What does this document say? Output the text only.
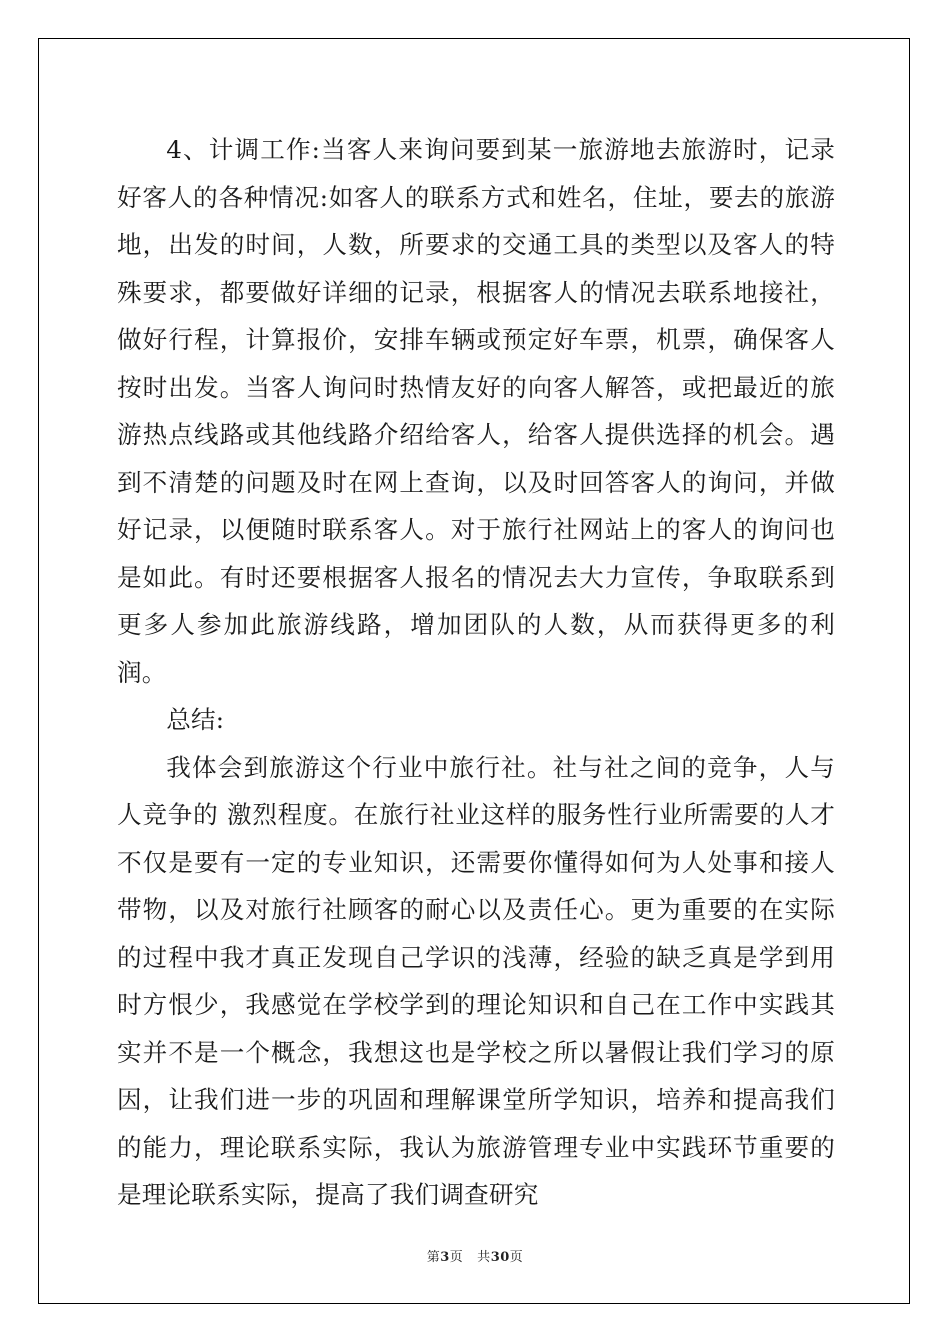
4、计调工作:当客人来询问要到某一旅游地去旅游时，记录好客人的各种情况:如客人的联系方式和姓名，住址，要去的旅游地，出发的时间，人数，所要求的交通工具的类型以及客人的特殊要求，都要做好详细的记录，根据客人的情况去联系地接社，做好行程，计算报价，安排车辆或预定好车票，机票，确保客人按时出发。当客人询问时热情友好的向客人解答，或把最近的旅游热点线路或其他线路介绍给客人，给客人提供选择的机会。遇到不清楚的问题及时在网上查询，以及时回答客人的询问，并做好记录，以便随时联系客人。对于旅行社网站上的客人的询问也是如此。有时还要根据客人报名的情况去大力宣传，争取联系到更多人参加此旅游线路，增加团队的人数，从而获得更多的利润。

总结:

我体会到旅游这个行业中旅行社。社与社之间的竞争，人与人竞争的 激烈程度。在旅行社业这样的服务性行业所需要的人才不仅是要有一定的专业知识，还需要你懂得如何为人处事和接人带物，以及对旅行社顾客的耐心以及责任心。更为重要的在实际的过程中我才真正发现自己学识的浅薄，经验的缺乏真是学到用时方恨少，我感觉在学校学到的理论知识和自己在工作中实践其实并不是一个概念，我想这也是学校之所以暑假让我们学习的原因，让我们进一步的巩固和理解课堂所学知识，培养和提高我们的能力，理论联系实际，我认为旅游管理专业中实践环节重要的是理论联系实际，提高了我们调查研究

第3页 共30页
